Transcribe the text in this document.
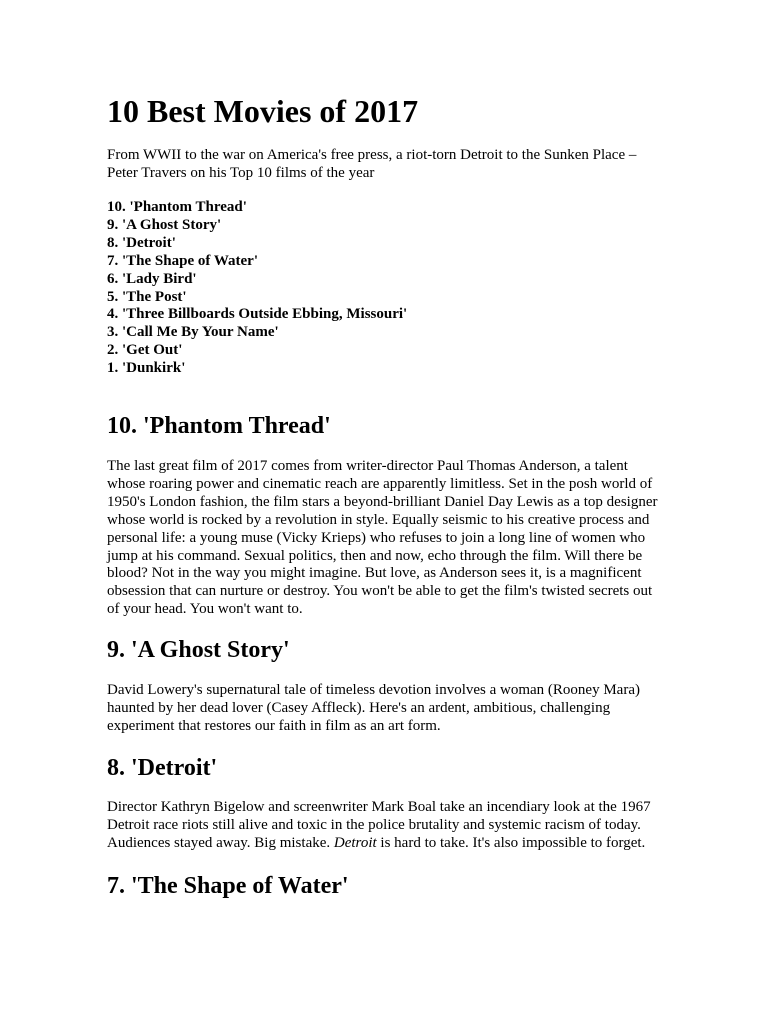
10 Best Movies of 2017

From WWII to the war on America's free press, a riot-torn Detroit to the Sunken Place – Peter Travers on his Top 10 films of the year

10. 'Phantom Thread'
9. 'A Ghost Story'
8. 'Detroit'
7. 'The Shape of Water'
6. 'Lady Bird'
5. 'The Post'
4. 'Three Billboards Outside Ebbing, Missouri'
3. 'Call Me By Your Name'
2. 'Get Out'
1. 'Dunkirk'
10. 'Phantom Thread'

The last great film of 2017 comes from writer-director Paul Thomas Anderson, a talent whose roaring power and cinematic reach are apparently limitless. Set in the posh world of 1950's London fashion, the film stars a beyond-brilliant Daniel Day Lewis as a top designer whose world is rocked by a revolution in style. Equally seismic to his creative process and personal life: a young muse (Vicky Krieps) who refuses to join a long line of women who jump at his command. Sexual politics, then and now, echo through the film. Will there be blood? Not in the way you might imagine. But love, as Anderson sees it, is a magnificent obsession that can nurture or destroy. You won't be able to get the film's twisted secrets out of your head. You won't want to.

9. 'A Ghost Story'

David Lowery's supernatural tale of timeless devotion involves a woman (Rooney Mara) haunted by her dead lover (Casey Affleck). Here's an ardent, ambitious, challenging experiment that restores our faith in film as an art form.

8. 'Detroit'

Director Kathryn Bigelow and screenwriter Mark Boal take an incendiary look at the 1967 Detroit race riots still alive and toxic in the police brutality and systemic racism of today. Audiences stayed away. Big mistake. Detroit is hard to take. It's also impossible to forget.

7. 'The Shape of Water'
